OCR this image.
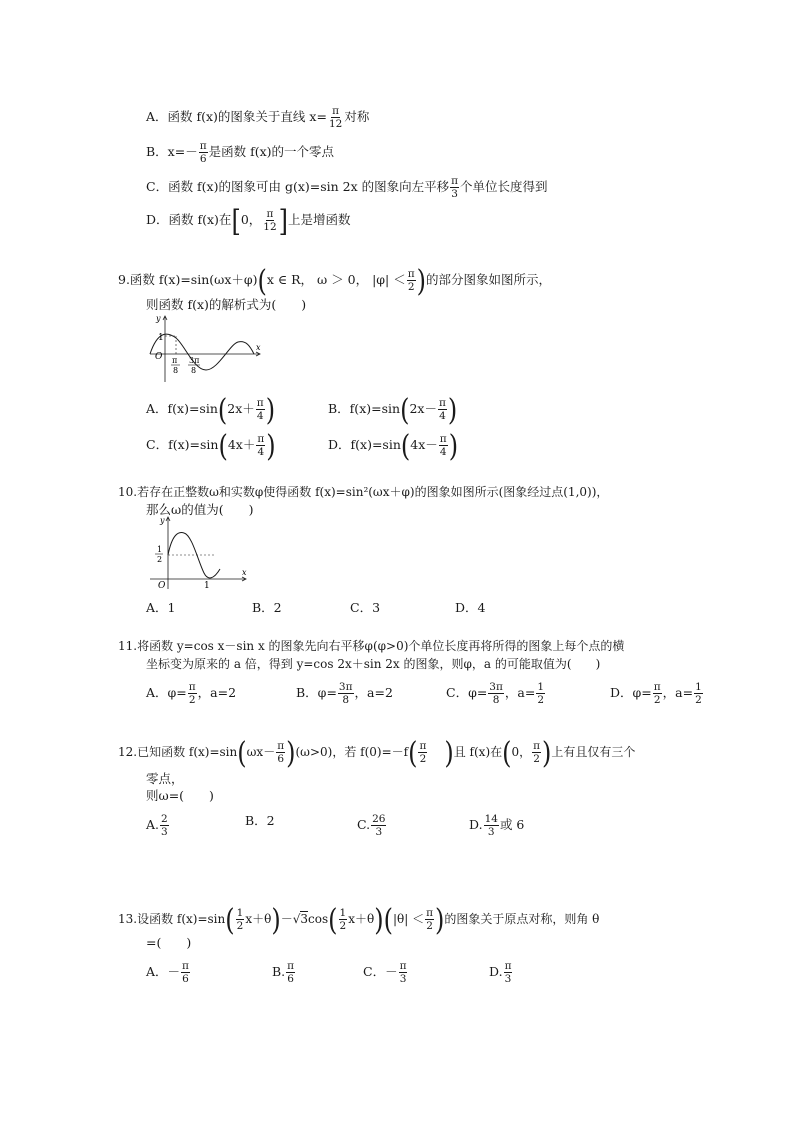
A．函数 f(x)的图象关于直线 $x= \frac{\pi}{12}$ 对称
B．$x=- \frac{\pi}{6}$ 是函数 f(x)的一个零点
C．函数 f(x)的图象可由 g(x)=sin 2x 的图象向左平移 $\frac{\pi}{3}$ 个单位长度得到
D．函数 f(x)在[0， $\frac{\pi}{12}$ ]上是增函数
9.函数 f(x)=sin(ωx＋φ)(x ∈ R， ω ＞ 0， $|\varphi| < \frac{\pi}{2}$ )的部分图象如图所示，
则函数 f(x)的解析式为(　　)
y
x
O
1
π
8
3π
8
A．$f(x)=\sin(2x+ \frac{\pi}{4}$ )	B．$f(x)=\sin(2x- \frac{\pi}{4}$ )
C．$f(x)=\sin(4x+ \frac{\pi}{4}$ )	D．$f(x)=\sin(4x- \frac{\pi}{4}$ )
10.若存在正整数ω和实数φ使得函数 f(x)=sin²(ωx＋φ)的图象如图所示(图象经过点(1,0))，
那么ω的值为(　　)
y
x
O	1
1
2
A．1	B．2	C．3	D．4
11.将函数 y=cos x－sin x 的图象先向右平移φ(φ>0)个单位长度再将所得的图象上每个点的横
坐标变为原来的 a 倍，得到 y=cos 2x＋sin 2x 的图象，则φ，a 的可能取值为(　　)
A．$\varphi= \frac{\pi}{2}$ ，a=2	B．$\varphi= \frac{3\pi}{8}$ ，a=2	C．$\varphi= \frac{3\pi}{8}$ ，$a= \frac{1}{2}$	D．$\varphi= \frac{\pi}{2}$ ，$a= \frac{1}{2}$
12.已知函数 $f(x)=\sin(\omega x- \frac{\pi}{6} )(\omega>0)$，若 $f(0)=-f( \frac{\pi}{2}$ )且 f(x)在(0， $\frac{\pi}{2}$ )上有且仅有三个
零点，
则ω=(　　)
A. $\frac{2}{3}$	B．2	C. $\frac{26}{3}$	D. $\frac{14}{3}$ 或 6
13.设函数 $f(x)=\sin( \frac{1}{2} x+\theta)-√3\cos( \frac{1}{2} x+\theta)(|\theta| < \frac{\pi}{2}$ )的图象关于原点对称，则角 θ
=(　　)
A．－ $\frac{\pi}{6}$	B. $\frac{\pi}{6}$	C．－ $\frac{\pi}{3}$	D. $\frac{\pi}{3}$
